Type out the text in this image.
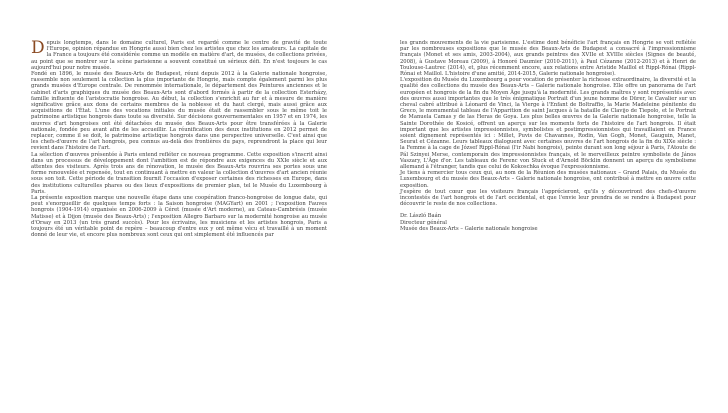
Depuis longtemps, dans le domaine culturel, Paris est regardé comme le centre de gravité de toute l'Europe, opinion répandue en Hongrie aussi bien chez les artistes que chez les amateurs. La capitale de la France a toujours été considérée comme un modèle en matière d'art, de musées, de collections privées, au point que se montrer sur la scène parisienne a souvent constitué un sérieux défi. En n'est toujours le cas aujourd'hui pour notre musée.

Fondé en 1896, le musée des Beaux-Arts de Budapest, réuni depuis 2012 à la Galerie nationale hongroise, rassemble non seulement la collection la plus importante de Hongrie, mais compte également parmi les plus grands musées d'Europe centrale. De renommée internationale, le département des Peintures anciennes et le cabinet d'arts graphiques du musée des Beaux-Arts sont d'abord formés à partir de la collection Esterházy, famille influente de l'aristocratie hongroise. Au début, la collection s'enrichit au fur et à mesure de manière significative grâce aux dons de certains membres de la noblesse et du haut clergé, mais aussi grâce aux acquisitions de l'État. L'une des vocations initiales du musée était de rassembler sous le même toit le patrimoine artistique hongrois dans toute sa diversité. Sur décisions gouvernementales en 1957 et en 1974, les œuvres d'art hongroises ont été détachées du musée des Beaux-Arts pour être transférées à la Galerie nationale, fondée peu avant afin de les accueillir. La réunification des deux institutions en 2012 permet de replacer, comme il se doit, le patrimoine artistique hongrois dans une perspective universelle. C'est ainsi que les chefs-d'œuvre de l'art hongrois, peu connus au-delà des frontières du pays, reprendront la place qui leur revient dans l'histoire de l'art.

La sélection d'œuvres présentée à Paris entend refléter ce nouveau programme. Cette exposition s'inscrit ainsi dans un processus de développement dont l'ambition est de répondre aux exigences du XXIe siècle et aux attentes des visiteurs. Après trois ans de rénovation, le musée des Beaux-Arts rouvrira ses portes sous une forme renouvelée et repensée, tout en continuant à mettre en valeur la collection d'œuvres d'art ancien réunie sous son toit. Cette période de transition fournit l'occasion d'exposer certaines des richesses en Europe, dans des institutions culturelles phares ou des lieux d'expositions de premier plan, tel le Musée du Luxembourg à Paris.

La présente exposition marque une nouvelle étape dans une coopération franco-hongroise de longue date, qui peut s'enorgueillir de quelques temps forts : la Saison hongroise (MAGYart) en 2001 ; l'exposition Fauves hongrois (1904-1914) organisée en 2006-2009 à Céret (musée d'Art moderne), au Cateau-Cambrésis (musée Matisse) et à Dijon (musée des Beaux-Arts) ; l'exposition Allegro Barbaro sur la modernité hongroise au musée d'Orsay en 2013 (un très grand succès). Pour les écrivains, les musiciens et les artistes hongrois, Paris a toujours été un véritable point de repère – beaucoup d'entre eux y ont même vécu et travaillé à un moment donné de leur vie, et encore plus nombreux sont ceux qui ont simplement été influencés par

les grands mouvements de la vie parisienne. L'estime dont bénéficie l'art français en Hongrie se voit reflétée par les nombreuses expositions que le musée des Beaux-Arts de Budapest a consacré à l'impressionnisme français (Monet et ses amis, 2003-2004), aux grands peintres des XVIIe et XVIIIe siècles (Signes de beauté, 2008), à Gustave Moreau (2009), à Honoré Daumier (2010-2011), à Paul Cézanne (2012-2013) et à Henri de Toulouse-Lautrec (2014), et, plus récemment encore, aux relations entre Aristide Maillol et Rippl-Rónai (Rippl-Rónai et Maillol. L'histoire d'une amitié, 2014-2015, Galerie nationale hongroise).

L'exposition du Musée du Luxembourg a pour vocation de présenter la richesse extraordinaire, la diversité et la qualité des collections du musée des Beaux-Arts – Galerie nationale hongroise. Elle offre un panorama de l'art européen et hongrois de la fin du Moyen Âge jusqu'à la modernité. Les grands maîtres y sont représentés avec des œuvres aussi importantes que le très énigmatique Portrait d'un jeune homme de Dürer, le Cavalier sur un cheval cabré attribué à Léonard de Vinci, la Vierge à l'Enfant de Boltraffio, la Marie Madeleine pénitente du Greco, le monumental tableau de l'Apparition de saint Jacques à la bataille de Clavijo de Tiepolo, et le Portrait de Manuela Camas y de las Heras de Goya. Les plus belles œuvres de la Galerie nationale hongroise, telle la Sainte Dorothée de Kosicé, offrent un aperçu sur les moments forts de l'histoire de l'art hongrois. Il était important que les artistes impressionnistes, symbolistes et postimpressionnistes qui travaillaient en France soient dignement représentés ici : Millet, Puvis de Chavannes, Rodin, Van Gogh, Monet, Gauguin, Manet, Seurat et Cézanne. Leurs tableaux dialoguent avec certaines œuvres de l'art hongrois de la fin du XIXe siècle : la Femme à la cage de József Rippl-Rónai (l'ir Nabi hongrois), peinte durant son long séjour à Paris, l'Atoute de Pál Szinyei Merse, contemporain des impressionnistes français, et le merveilleux peintre symboliste de János Vaszary, L'Âge d'or. Les tableaux de Ferenc von Stuck et d'Arnold Böcklin donnent un aperçu du symbolisme allemand à l'étranger, tandis que celui de Kokoschka évoque l'expressionnisme.

Je tiens à remercier tous ceux qui, au nom de la Réunion des musées nationaux – Grand Palais, du Musée du Luxembourg et du musée des Beaux-Arts – Galerie nationale hongroise, ont contribué à mettre en œuvre cette exposition.

J'espère de tout cœur que les visiteurs français l'apprécieront, qu'ils y découvriront des chefs-d'œuvre incontestés de l'art hongrois et de l'art occidental, et que l'envie leur prendra de se rendre à Budapest pour découvrir le reste de nos collections.

Dr. László Baán
Directeur général
Musée des Beaux-Arts – Galerie nationale hongroise
